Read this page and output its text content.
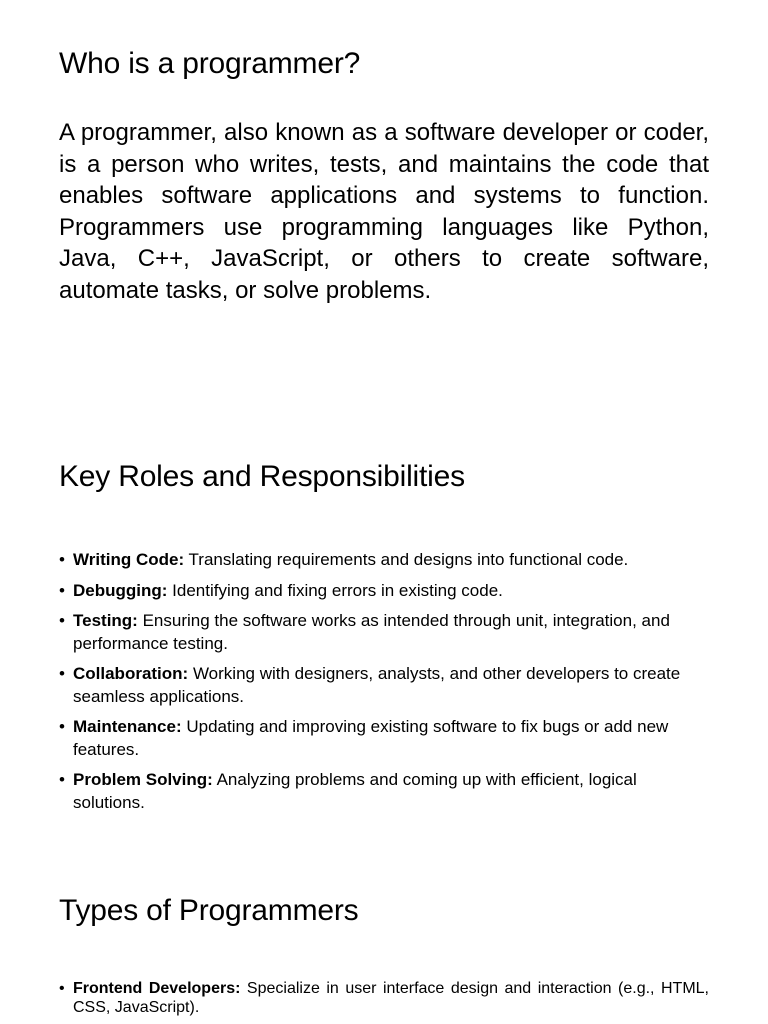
Who is a programmer?

A programmer, also known as a software developer or coder, is a person who writes, tests, and maintains the code that enables software applications and systems to function. Programmers use programming languages like Python, Java, C++, JavaScript, or others to create software, automate tasks, or solve problems.

Key Roles and Responsibilities
• Writing Code: Translating requirements and designs into functional code.
• Debugging: Identifying and fixing errors in existing code.
• Testing: Ensuring the software works as intended through unit, integration, and performance testing.
• Collaboration: Working with designers, analysts, and other developers to create seamless applications.
• Maintenance: Updating and improving existing software to fix bugs or add new features.
• Problem Solving: Analyzing problems and coming up with efficient, logical solutions.
Types of Programmers
• Frontend Developers: Specialize in user interface design and interaction (e.g., HTML, CSS, JavaScript).
